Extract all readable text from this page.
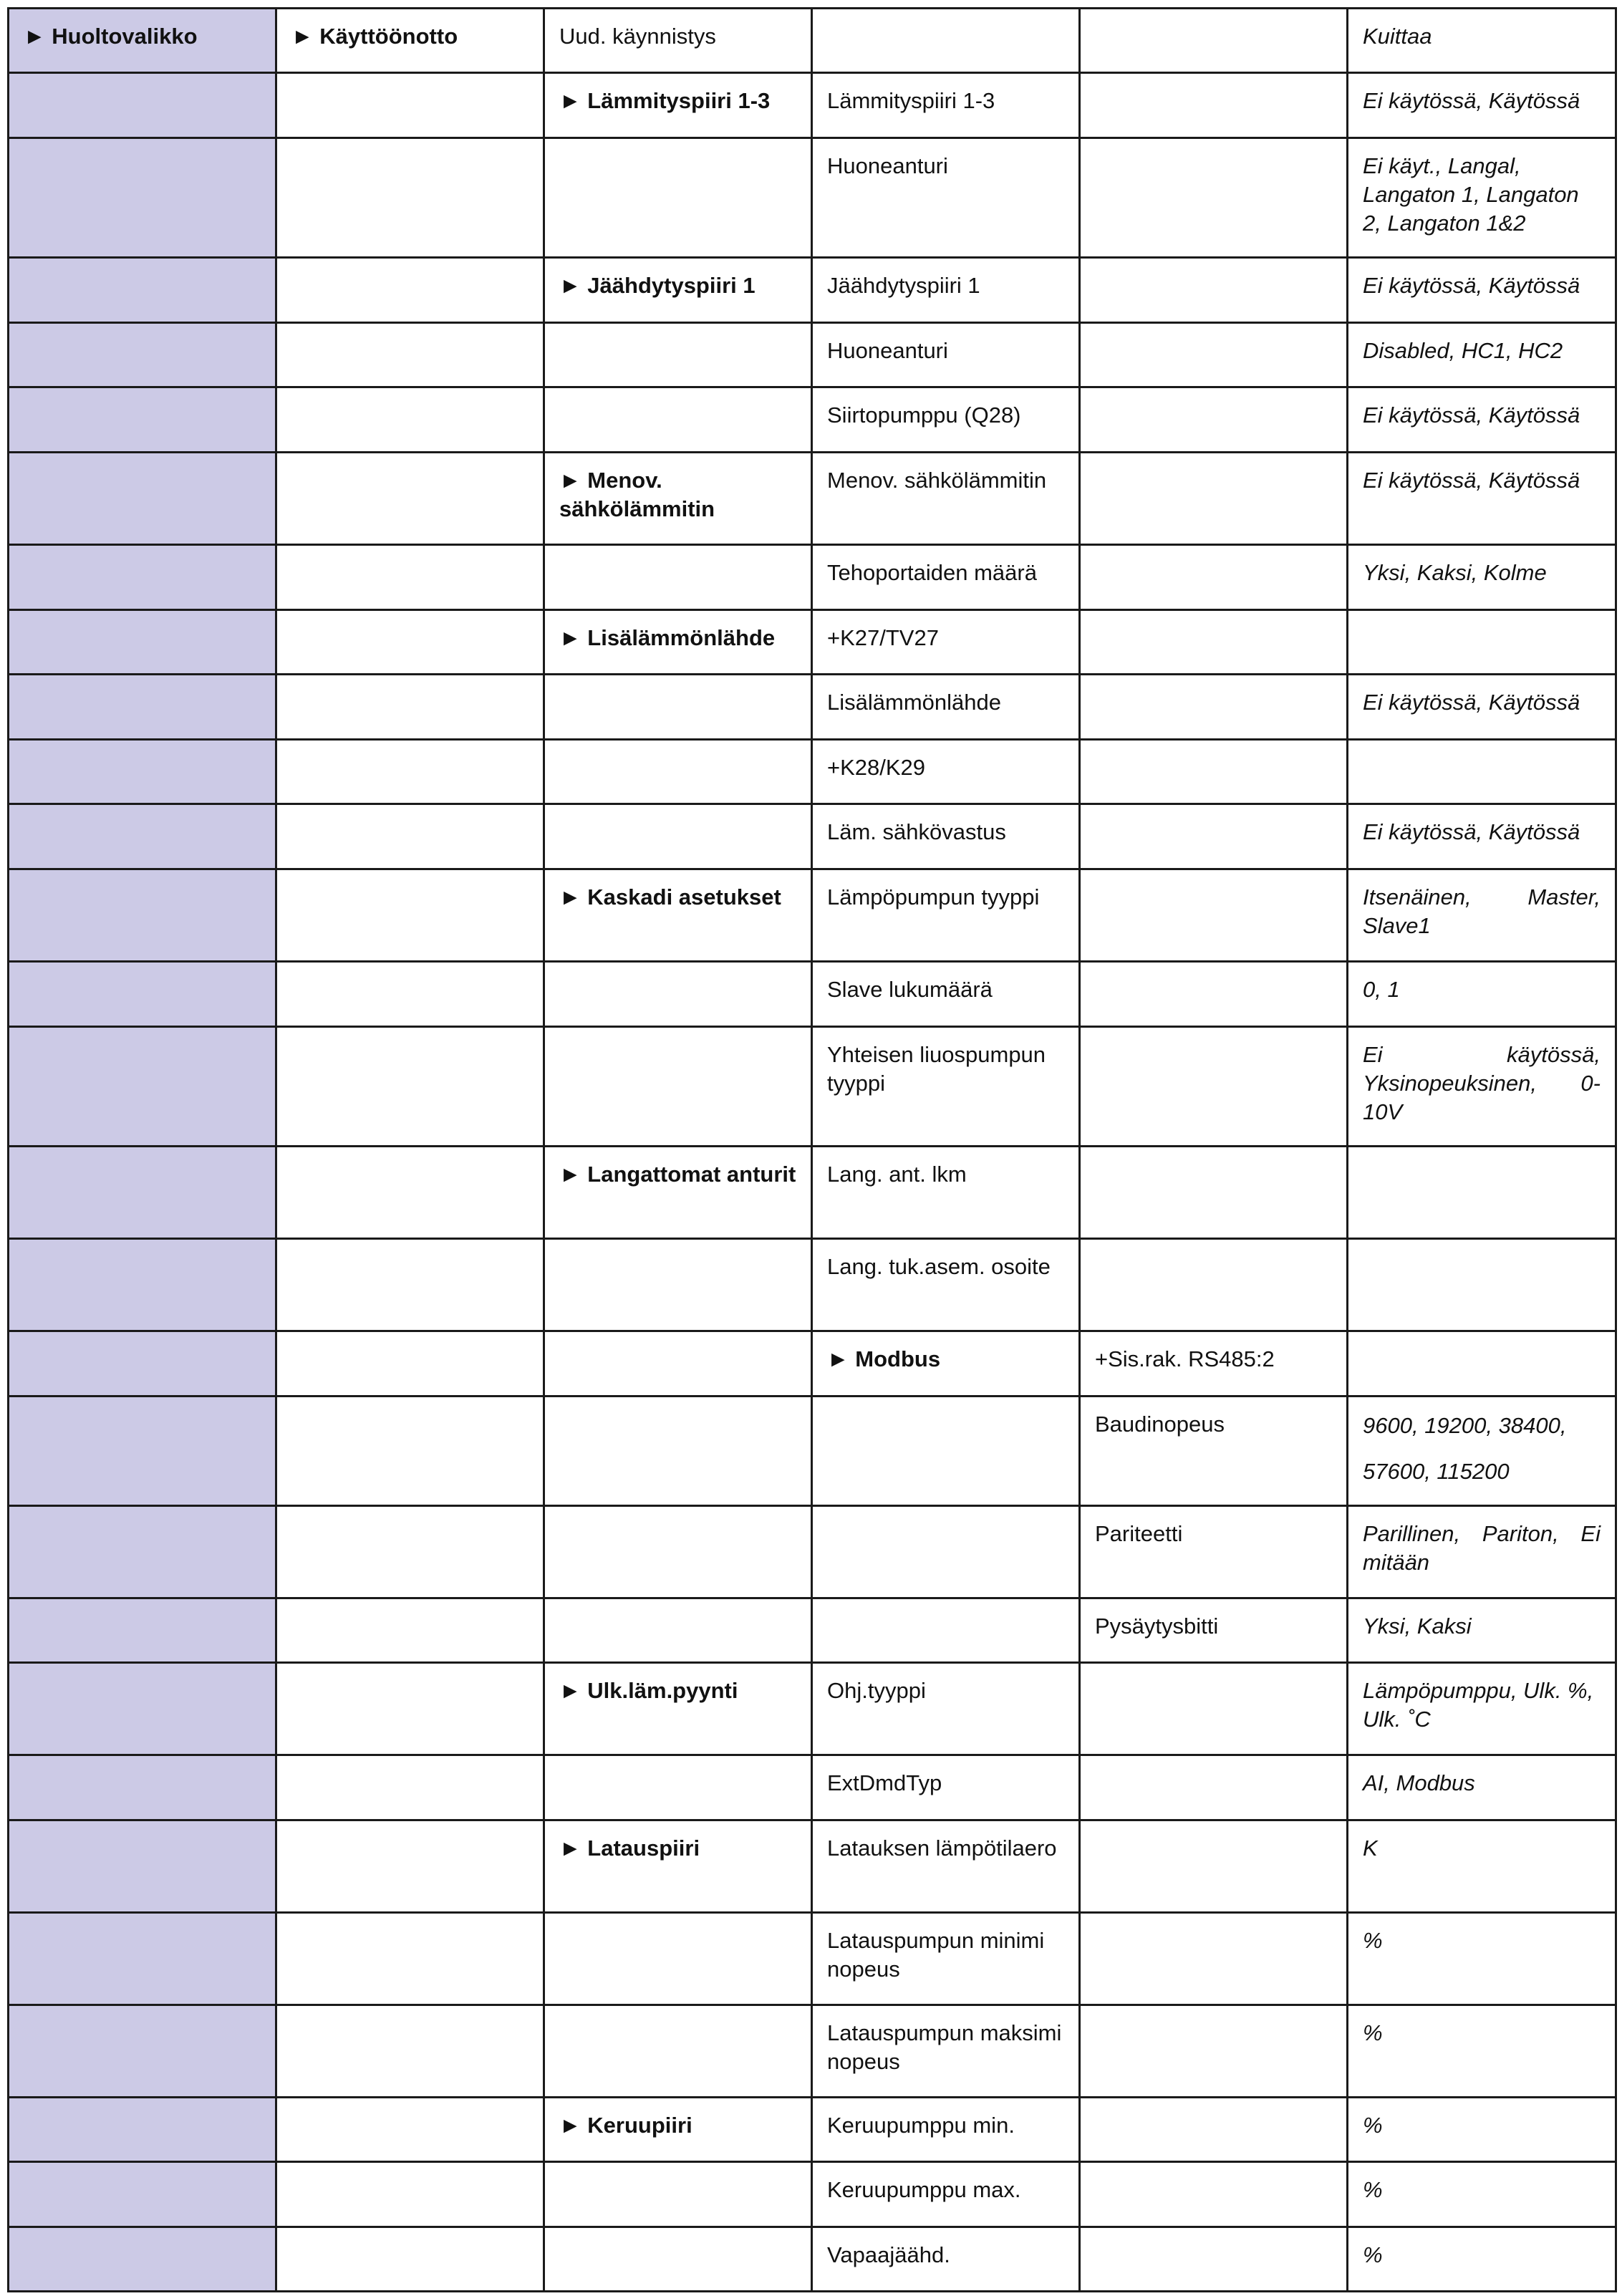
► Huoltovalikko	► Käyttöönotto	Uud. käynnistys			Kuittaa
		► Lämmityspiiri 1-3	Lämmityspiiri 1-3		Ei käytössä, Käytössä
			Huoneanturi		Ei käyt., Langal, Langaton 1, Langaton 2, Langaton 1&2
		► Jäähdytyspiiri 1	Jäähdytyspiiri 1		Ei käytössä, Käytössä
			Huoneanturi		Disabled, HC1, HC2
			Siirtopumppu (Q28)		Ei käytössä, Käytössä
		► Menov. sähkölämmitin	Menov. sähkölämmitin		Ei käytössä, Käytössä
			Tehoportaiden määrä		Yksi, Kaksi, Kolme
		► Lisälämmönlähde	+K27/TV27		
			Lisälämmönlähde		Ei käytössä, Käytössä
			+K28/K29		
			Läm. sähkövastus		Ei käytössä, Käytössä
		► Kaskadi asetukset	Lämpöpumpun tyyppi		Itsenäinen, Master, Slave1
			Slave lukumäärä		0, 1
			Yhteisen liuospumpun tyyppi		Ei käytössä, Yksinopeuksinen, 0-10V
		► Langattomat anturit	Lang. ant. lkm		
			Lang. tuk.asem. osoite		
			► Modbus	+Sis.rak. RS485:2	
				Baudinopeus	9600, 19200, 38400, 57600, 115200
				Pariteetti	Parillinen, Pariton, Ei mitään
				Pysäytysbitti	Yksi, Kaksi
		► Ulk.läm.pyynti	Ohj.tyyppi		Lämpöpumppu, Ulk. %, Ulk. ˚C
			ExtDmdTyp		AI, Modbus
		► Latauspiiri	Latauksen lämpötilaero		K
			Latauspumpun minimi nopeus		%
			Latauspumpun maksimi nopeus		%
		► Keruupiiri	Keruupumppu min.		%
			Keruupumppu max.		%
			Vapaajäähd.		%
